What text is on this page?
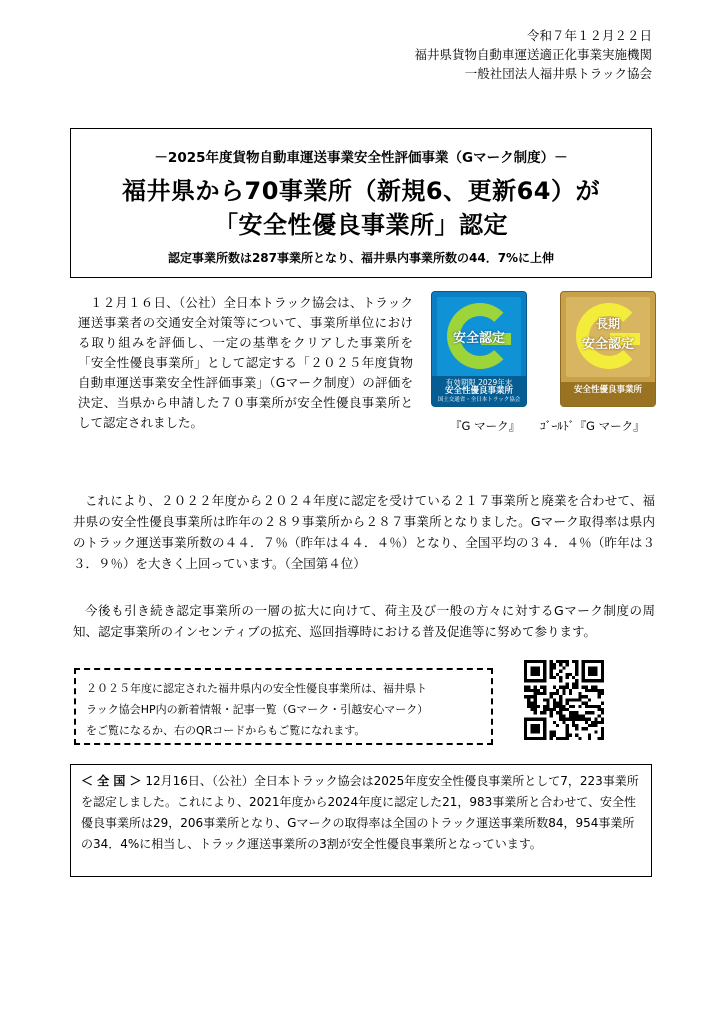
令和７年１２月２２日
福井県貨物自動車運送適正化事業実施機関
一般社団法人福井県トラック協会
－2025年度貨物自動車運送事業安全性評価事業（Gマーク制度）－
福井県から70事業所（新規6、更新64）が
「安全性優良事業所」認定
認定事業所数は287事業所となり、福井県内事業所数の44．7%に上伸

１２月１６日、（公社）全日本トラック協会は、トラック運送事業者の交通安全対策等について、事業所単位における取り組みを評価し、一定の基準をクリアした事業所を「安全性優良事業所」として認定する「２０２５年度貨物自動車運送事業安全性評価事業」（Gマーク制度）の評価を決定、当県から申請した７０事業所が安全性優良事業所として認定されました。

安全認定
有効期限 2029年末
安全性優良事業所
国土交通省・全日本トラック協会
長期
安全認定
安全性優良事業所
『G マーク』 ｺﾞｰﾙﾄﾞ『G マーク』

これにより、２０２２年度から２０２４年度に認定を受けている２１７事業所と廃業を合わせて、福井県の安全性優良事業所は昨年の２８９事業所から２８７事業所となりました。Gマーク取得率は県内のトラック運送事業所数の４４．７％（昨年は４４．４％）となり、全国平均の３４．４％（昨年は３３．９％）を大きく上回っています。（全国第４位）

今後も引き続き認定事業所の一層の拡大に向けて、荷主及び一般の方々に対するGマーク制度の周知、認定事業所のインセンティブの拡充、巡回指導時における普及促進等に努めて参ります。

２０２５年度に認定された福井県内の安全性優良事業所は、福井県ト
ラック協会HP内の新着情報・記事一覧（Gマーク・引越安心マーク）
をご覧になるか、右のQRコードからもご覧になれます。
＜ 全 国 ＞ 12月16日、（公社）全日本トラック協会は2025年度安全性優良事業所として7，223事業所を認定しました。これにより、2021年度から2024年度に認定した21，983事業所と合わせて、安全性優良事業所は29，206事業所となり、Gマークの取得率は全国のトラック運送事業所数84，954事業所の34．4%に相当し、トラック運送事業所の3割が安全性優良事業所となっています。
